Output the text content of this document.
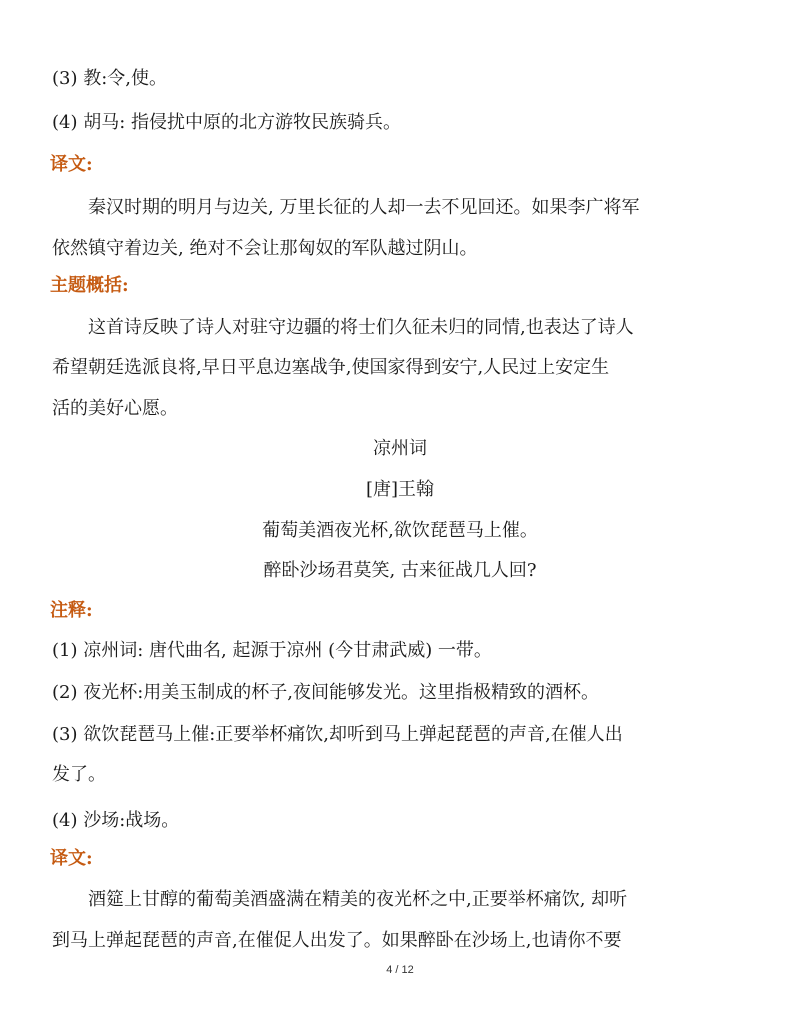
(3) 教:令,使。
(4) 胡马: 指侵扰中原的北方游牧民族骑兵。
译文:
秦汉时期的明月与边关, 万里长征的人却一去不见回还。如果李广将军
依然镇守着边关, 绝对不会让那匈奴的军队越过阴山。
主题概括:
这首诗反映了诗人对驻守边疆的将士们久征未归的同情,也表达了诗人
希望朝廷选派良将,早日平息边塞战争,使国家得到安宁,人民过上安定生
活的美好心愿。
凉州词
[唐]王翰
葡萄美酒夜光杯,欲饮琵琶马上催。
醉卧沙场君莫笑, 古来征战几人回?
注释:
(1) 凉州词: 唐代曲名, 起源于凉州 (今甘肃武威) 一带。
(2) 夜光杯:用美玉制成的杯子,夜间能够发光。这里指极精致的酒杯。
(3) 欲饮琵琶马上催:正要举杯痛饮,却听到马上弹起琵琶的声音,在催人出
发了。
(4) 沙场:战场。
译文:
酒筵上甘醇的葡萄美酒盛满在精美的夜光杯之中,正要举杯痛饮, 却听
到马上弹起琵琶的声音,在催促人出发了。如果醉卧在沙场上,也请你不要
4 / 12
